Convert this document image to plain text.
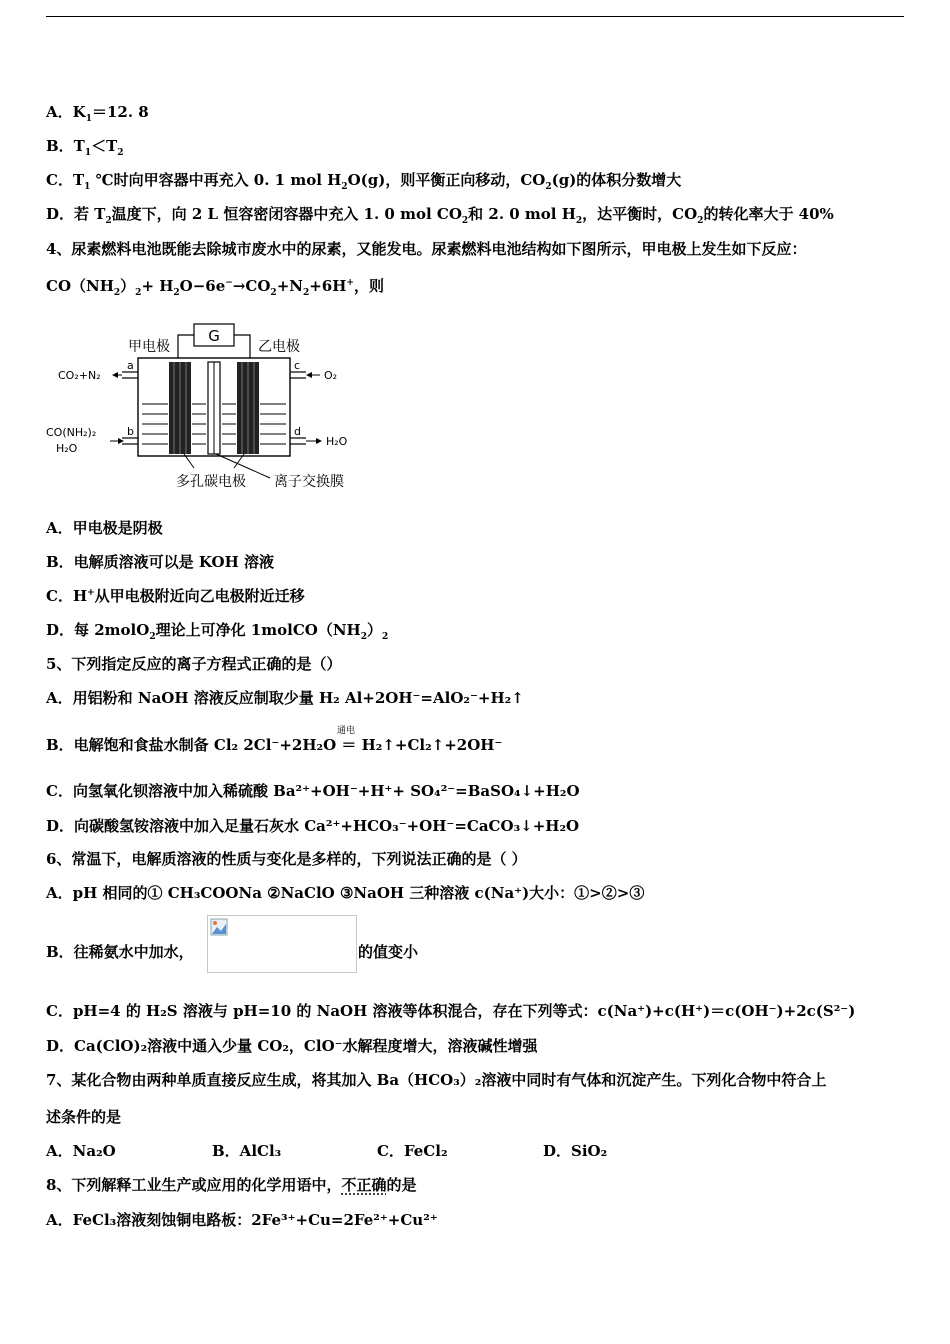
A．$K_1=12$. 8
B．$T_1<T_2$
C．$T_1$ ℃时向甲容器中再充入 0. 1 mol $H_2O(g)$，则平衡正向移动，$CO_2(g)$的体积分数增大
D．若 $T_2$温度下，向 2 L 恒容密闭容器中充入 1. 0 mol $CO_2$和 2. 0 mol $H_2$，达平衡时，$CO_2$的转化率大于 40%
4、尿素燃料电池既能去除城市废水中的尿素，又能发电。尿素燃料电池结构如下图所示，甲电极上发生如下反应：
$CO(NH_2)_2+ H_2O-6e^-\to CO_2+N_2+6H^+$，则
G
甲电极	乙电极
a
CO₂+N₂
b
CO(NH₂)₂
H₂O
c
O₂
d
H₂O
多孔碳电极 离子交换膜
A．甲电极是阴极
B．电解质溶液可以是 KOH 溶液
C．H+从甲电极附近向乙电极附近迁移
D．每 2molO$_2$理论上可净化 $1molCO(NH_2)_2$
5、下列指定反应的离子方程式正确的是（）
A．用铝粉和 NaOH 溶液反应制取少量 H₂ Al+2OH⁻=AlO₂⁻+H₂↑
通电
B．电解饱和食盐水制备 Cl₂ 2Cl⁻+2H₂O ＝ H₂↑+Cl₂↑+2OH⁻
C．向氢氧化钡溶液中加入稀硫酸 Ba²⁺+OH⁻+H⁺+ SO₄²⁻=BaSO₄↓+H₂O
D．向碳酸氢铵溶液中加入足量石灰水 Ca²⁺+HCO₃⁻+OH⁻=CaCO₃↓+H₂O
6、常温下，电解质溶液的性质与变化是多样的，下列说法正确的是（ ）
A．pH 相同的① CH₃COONa ②NaClO ③NaOH 三种溶液 c(Na⁺)大小：①>②>③
B．往稀氨水中加水，	的值变小
C．pH=4 的 H₂S 溶液与 pH=10 的 NaOH 溶液等体积混合，存在下列等式：c(Na⁺)+c(H⁺)＝c(OH⁻)+2c(S²⁻)
D．Ca(ClO)₂溶液中通入少量 CO₂，ClO⁻水解程度增大，溶液碱性增强
7、某化合物由两种单质直接反应生成，将其加入 Ba（HCO₃）₂溶液中同时有气体和沉淀产生。下列化合物中符合上
述条件的是
A．Na₂O	B．AlCl₃	C．FeCl₂	D．SiO₂
8、下列解释工业生产或应用的化学用语中，不正确的是
A．FeCl₃溶液刻蚀铜电路板：2Fe³⁺+Cu=2Fe²⁺+Cu²⁺
